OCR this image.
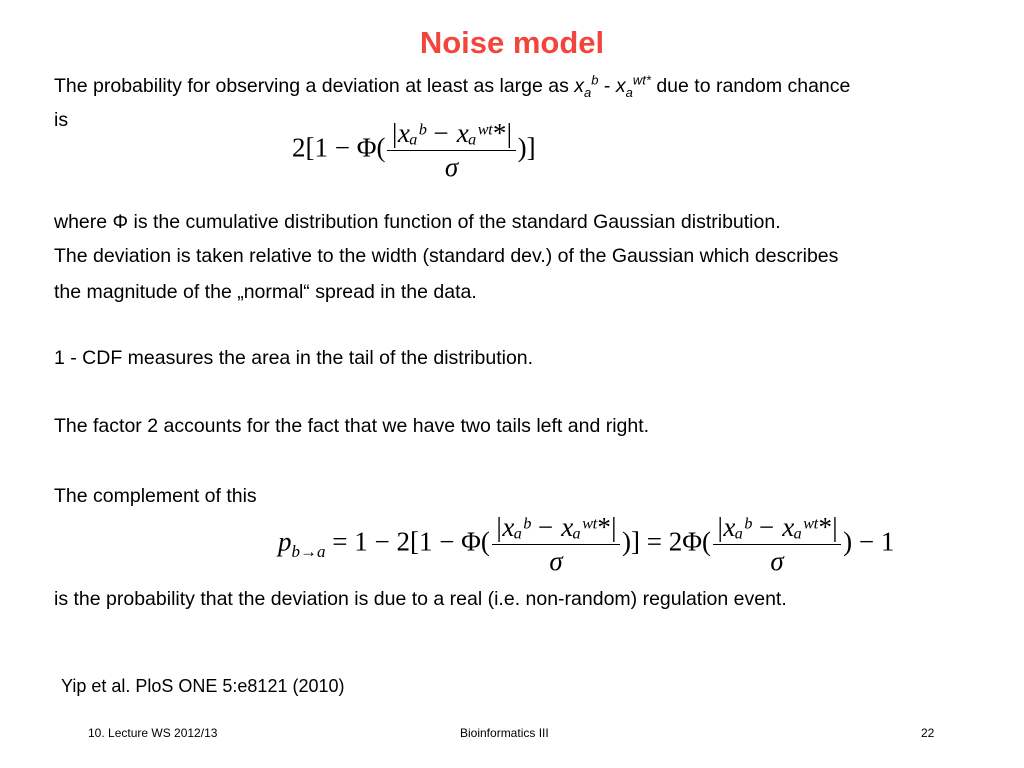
Noise model
The probability for observing a deviation at least as large as $x_a^b - x_a^{wt*}$ due to random chance
is
$2[1 - \Phi( \frac{\text{|xₐᵇ − xₐʷᵗ*|}}{\sigma}$ )]
where Φ is the cumulative distribution function of the standard Gaussian distribution.
The deviation is taken relative to the width (standard dev.) of the Gaussian which describes
the magnitude of the „normal“ spread in the data.
1 - CDF measures the area in the tail of the distribution.
The factor 2 accounts for the fact that we have two tails left and right.
The complement of this
$p_{b\to a} = 1 - 2[1 - \Phi( \frac{\text{|xₐᵇ − xₐʷᵗ*|}}{\sigma}$ )] = $2\Phi( \frac{\text{|xₐᵇ − xₐʷᵗ*|}}{\sigma}$ ) − 1
is the probability that the deviation is due to a real (i.e. non-random) regulation event.
Yip et al. PloS ONE 5:e8121 (2010)
10. Lecture WS 2012/13	Bioinformatics III	22
